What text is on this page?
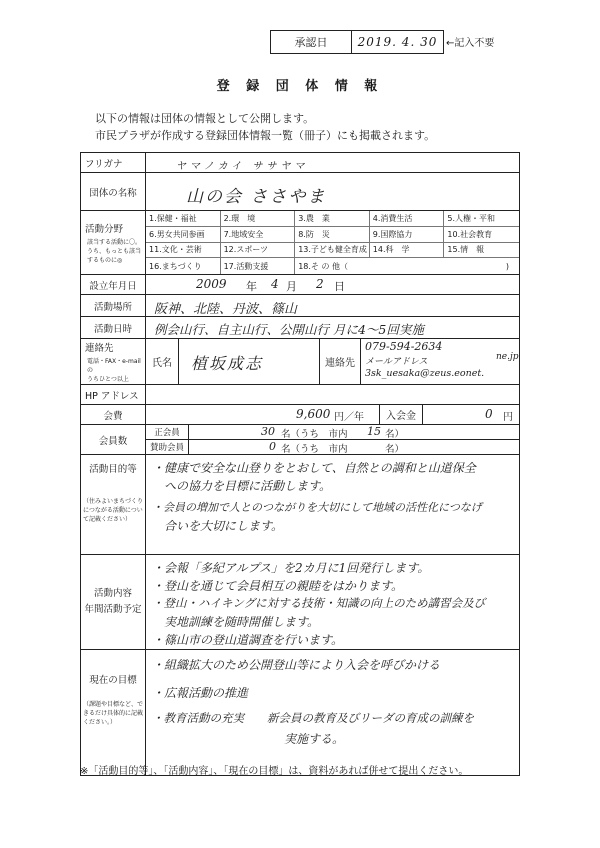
承認日	2019. 4. 30 ←記入不要
登 録 団 体 情 報
以下の情報は団体の情報として公開します。
市民プラザが作成する登録団体情報一覧（冊子）にも掲載されます。
フリガナ	ヤマノカイ ササヤマ
団体の名称	山の会 ささやま
活動分野
該当する活動に〇。うち、もっとも該当するものに◎
1.保健・福祉	2.環　境	3.農　業	4.消費生活	5.人権・平和
6.男女共同参画	7.地域安全	8.防　災	9.国際協力	10.社会教育
11.文化・芸術	12.スポーツ	13.子ども健全育成 14.科　学	15.情　報
16.まちづくり	17.活動支援	18.そ の 他（	)
設立年月日	2009 年 4 月 2 日
活動場所	阪神、北陸、丹波、篠山
活動日時	例会山行、自主山行、公開山行 月に4～5回実施
連絡先
電話・FAX・e-mail の
うちひとつ以上
氏名	植坂成志	連絡先
079-594-2634
メールアドレス	ne.jp
3sk_uesaka@zeus.eonet.
HP アドレス
会費	9,600 円／年	入会金	0 円
会員数
正会員	30 名（うち　市内 15 名）
賛助会員	0 名（うち　市内	名）
活動目的等
（住みよいまちづくりにつながる活動について記載ください）
・健康で安全な山登りをとおして、自然との調和と山道保全
　への協力を目標に活動します。
・会員の増加で人とのつながりを大切にして地域の活性化につなげ
　合いを大切にします。
活動内容
年間活動予定
・会報「多紀アルプス」を2カ月に1回発行します。
・登山を通じて会員相互の親睦をはかります。
・登山・ハイキングに対する技術・知識の向上のため講習会及び
　実地訓練を随時開催します。
・篠山市の登山道調査を行います。
現在の目標
（課題や目標など、できるだけ具体的に記載ください。）
・組織拡大のため公開登山等により入会を呼びかける
・広報活動の推進
・教育活動の充実　　新会員の教育及びリーダの育成の訓練を
　　　　　　　　　　　実施する。
※「活動目的等」、「活動内容」、「現在の目標」は、資料があれば併せて提出ください。
